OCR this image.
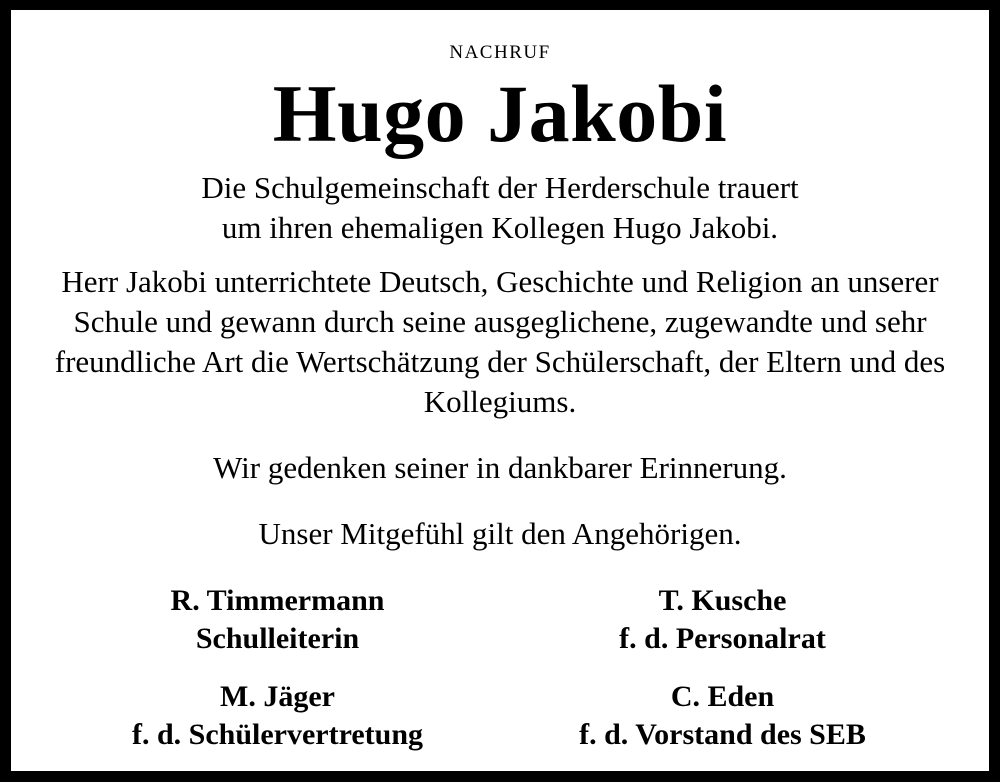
nachruf
Hugo Jakobi

Die Schulgemeinschaft der Herderschule trauert

um ihren ehemaligen Kollegen Hugo Jakobi.

Herr Jakobi unterrichtete Deutsch, Geschichte und Religion an unserer Schule und gewann durch seine ausgeglichene, zugewandte und sehr freundliche Art die Wertschätzung der Schülerschaft, der Eltern und des Kollegiums.

Wir gedenken seiner in dankbarer Erinnerung.

Unser Mitgefühl gilt den Angehörigen.

R. Timmermann
Schulleiterin
T. Kusche
f. d. Personalrat
M. Jäger
f. d. Schülervertretung
C. Eden
f. d. Vorstand des SEB
